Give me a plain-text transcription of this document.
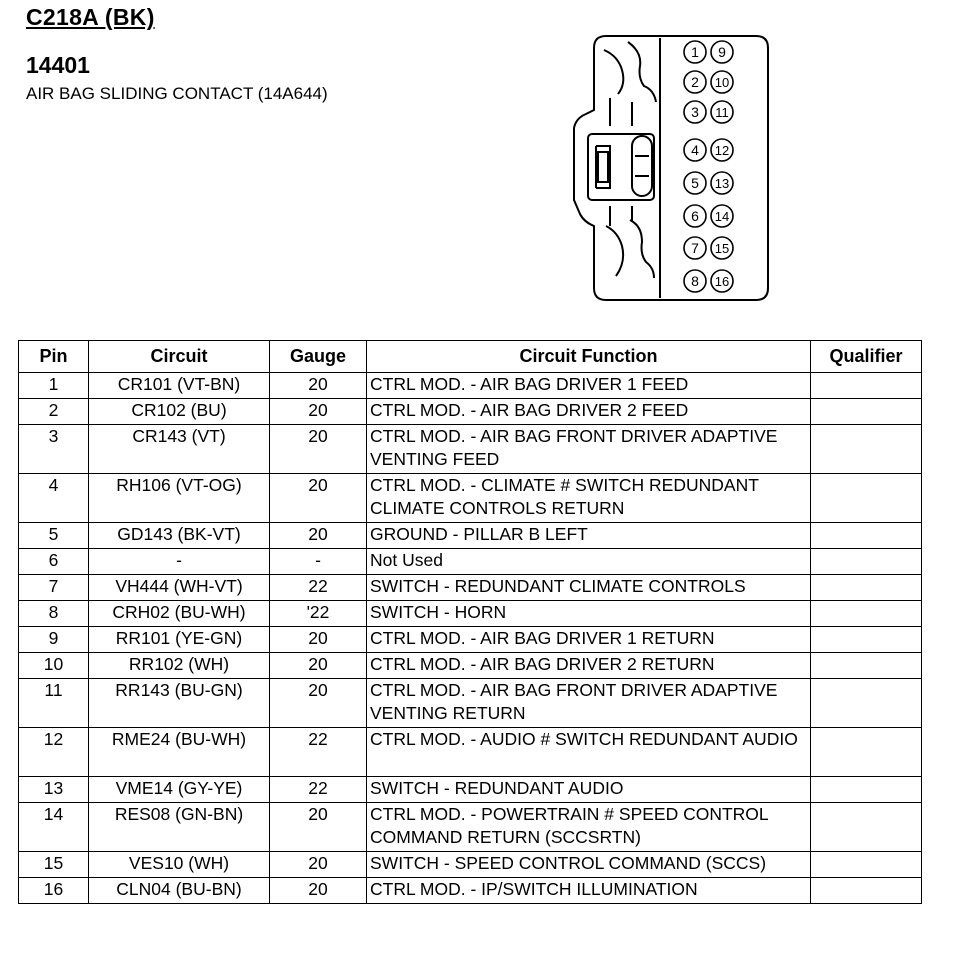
C218A (BK)
14401
AIR BAG SLIDING CONTACT (14A644)
1 9
2 10
3 11
4 12
5 13
6 14
7 15
8 16
Pin	Circuit	Gauge	Circuit Function	Qualifier
1	CR101 (VT-BN)	20	CTRL MOD. - AIR BAG DRIVER 1 FEED	
2	CR102 (BU)	20	CTRL MOD. - AIR BAG DRIVER 2 FEED	
3	CR143 (VT)	20	CTRL MOD. - AIR BAG FRONT DRIVER ADAPTIVE VENTING FEED	
4	RH106 (VT-OG)	20	CTRL MOD. - CLIMATE # SWITCH REDUNDANT CLIMATE CONTROLS RETURN	
5	GD143 (BK-VT)	20	GROUND - PILLAR B LEFT	
6	-	-	Not Used	
7	VH444 (WH-VT)	22	SWITCH - REDUNDANT CLIMATE CONTROLS	
8	CRH02 (BU-WH)	'22	SWITCH - HORN	
9	RR101 (YE-GN)	20	CTRL MOD. - AIR BAG DRIVER 1 RETURN	
10	RR102 (WH)	20	CTRL MOD. - AIR BAG DRIVER 2 RETURN	
11	RR143 (BU-GN)	20	CTRL MOD. - AIR BAG FRONT DRIVER ADAPTIVE VENTING RETURN	
12	RME24 (BU-WH)	22	CTRL MOD. - AUDIO # SWITCH REDUNDANT AUDIO	
13	VME14 (GY-YE)	22	SWITCH - REDUNDANT AUDIO	
14	RES08 (GN-BN)	20	CTRL MOD. - POWERTRAIN # SPEED CONTROL COMMAND RETURN (SCCSRTN)	
15	VES10 (WH)	20	SWITCH - SPEED CONTROL COMMAND (SCCS)	
16	CLN04 (BU-BN)	20	CTRL MOD. - IP/SWITCH ILLUMINATION	
